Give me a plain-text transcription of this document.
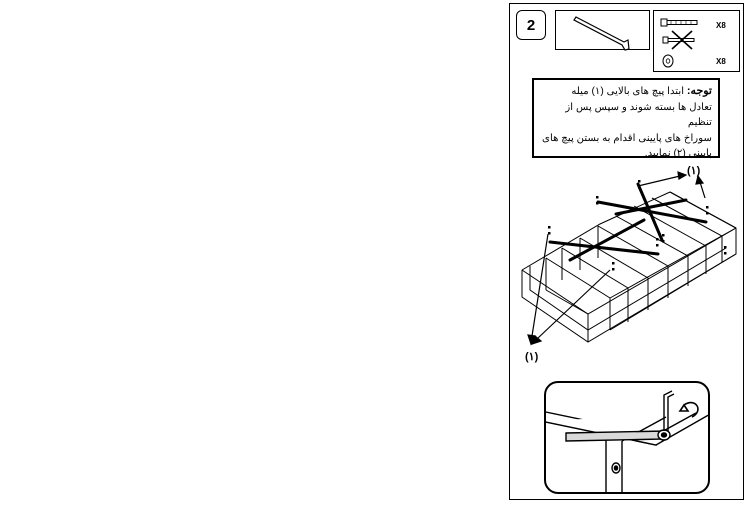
2	X8
X8
توجه: ابتدا پیچ های بالایی (۱) میله
تعادل ها بسته شوند و سپس پس از تنظیم
سوراخ های پایینی اقدام به بستن پیچ های
پایینی (۲) نمایید.
(۱)
(۱)
